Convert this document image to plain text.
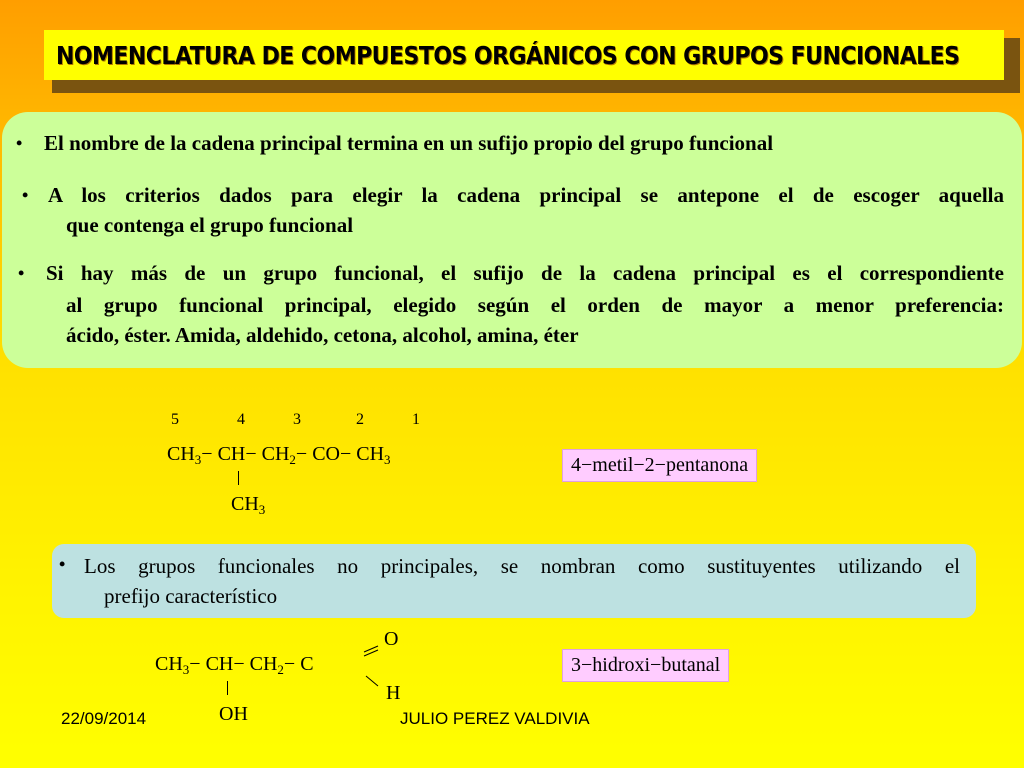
NOMENCLATURA DE COMPUESTOS ORGÁNICOS CON GRUPOS FUNCIONALES
• El nombre de la cadena principal termina en un sufijo propio del grupo funcional
• A los criterios dados para elegir la cadena principal se antepone el de escoger aquella
que contenga el grupo funcional
• Si hay más de un grupo funcional, el sufijo de la cadena principal es el correspondiente
al grupo funcional principal, elegido según el orden de mayor a menor preferencia:
ácido, éster. Amida, aldehido, cetona, alcohol, amina, éter
5	4	3	2	1
$CH_3- CH- CH_2- CO- CH_3$
$CH_3$
4−metil−2−pentanona
• Los grupos funcionales no principales, se nombran como sustituyentes utilizando el
prefijo característico
$CH_3- CH- CH_2- C$
O
H
OH
3−hidroxi−butanal
22/09/2014	JULIO PEREZ VALDIVIA
